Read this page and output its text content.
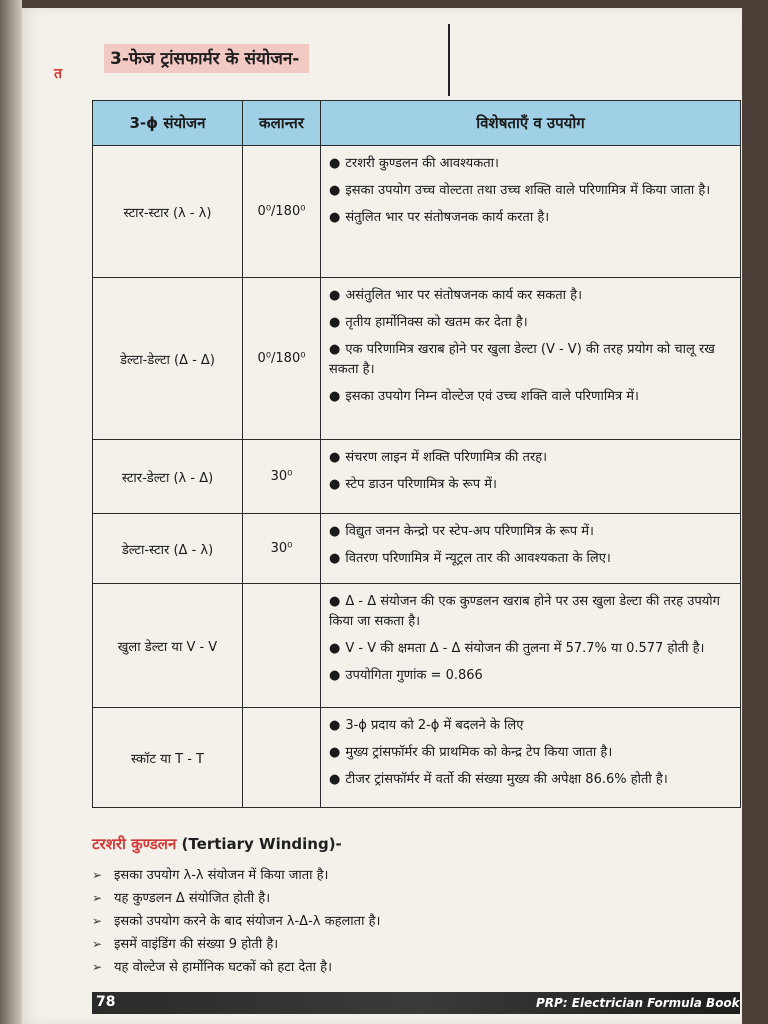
त
3-फेज ट्रांसफार्मर के संयोजन-
3-ϕ संयोजन	कलान्तर	विशेषताएँ व उपयोग
स्टार-स्टार (λ - λ)	0⁰/180⁰	● टरशरी कुण्डलन की आवश्यकता।
● इसका उपयोग उच्च वोल्टता तथा उच्च शक्ति वाले परिणामित्र में किया जाता है।
● संतुलित भार पर संतोषजनक कार्य करता है।

डेल्टा-डेल्टा (Δ - Δ)	0⁰/180⁰	● असंतुलित भार पर संतोषजनक कार्य कर सकता है।
● तृतीय हार्मोनिक्स को खतम कर देता है।
● एक परिणामित्र खराब होने पर खुला डेल्टा (V - V) की तरह प्रयोग को चालू रख सकता है।
● इसका उपयोग निम्न वोल्टेज एवं उच्च शक्ति वाले परिणामित्र में।

स्टार-डेल्टा (λ - Δ)	30⁰	● संचरण लाइन में शक्ति परिणामित्र की तरह।
● स्टेप डाउन परिणामित्र के रूप में।

डेल्टा-स्टार (Δ - λ)	30⁰	● विद्युत जनन केन्द्रो पर स्टेप-अप परिणामित्र के रूप में।
● वितरण परिणामित्र में न्यूट्रल तार की आवश्यकता के लिए।

खुला डेल्टा या V - V		● Δ - Δ संयोजन की एक कुण्डलन खराब होने पर उस खुला डेल्टा की तरह उपयोग किया जा सकता है।
● V - V की क्षमता Δ - Δ संयोजन की तुलना में 57.7% या 0.577 होती है।
● उपयोगिता गुणांक = 0.866

स्कॉट या T - T		● 3-ϕ प्रदाय को 2-ϕ में बदलने के लिए
● मुख्य ट्रांसफॉर्मर की प्राथमिक को केन्द्र टेप किया जाता है।
● टीजर ट्रांसफॉर्मर में वर्तो की संख्या मुख्य की अपेक्षा 86.6% होती है।
टरशरी कुण्डलन (Tertiary Winding)-
➢ इसका उपयोग λ-λ संयोजन में किया जाता है।
➢ यह कुण्डलन Δ संयोजित होती है।
➢ इसको उपयोग करने के बाद संयोजन λ-Δ-λ कहलाता है।
➢ इसमें वाइंडिंग की संख्या 9 होती है।
➢ यह वोल्टेज से हार्मोनिक घटकों को हटा देता है।
78	PRP: Electrician Formula Book
